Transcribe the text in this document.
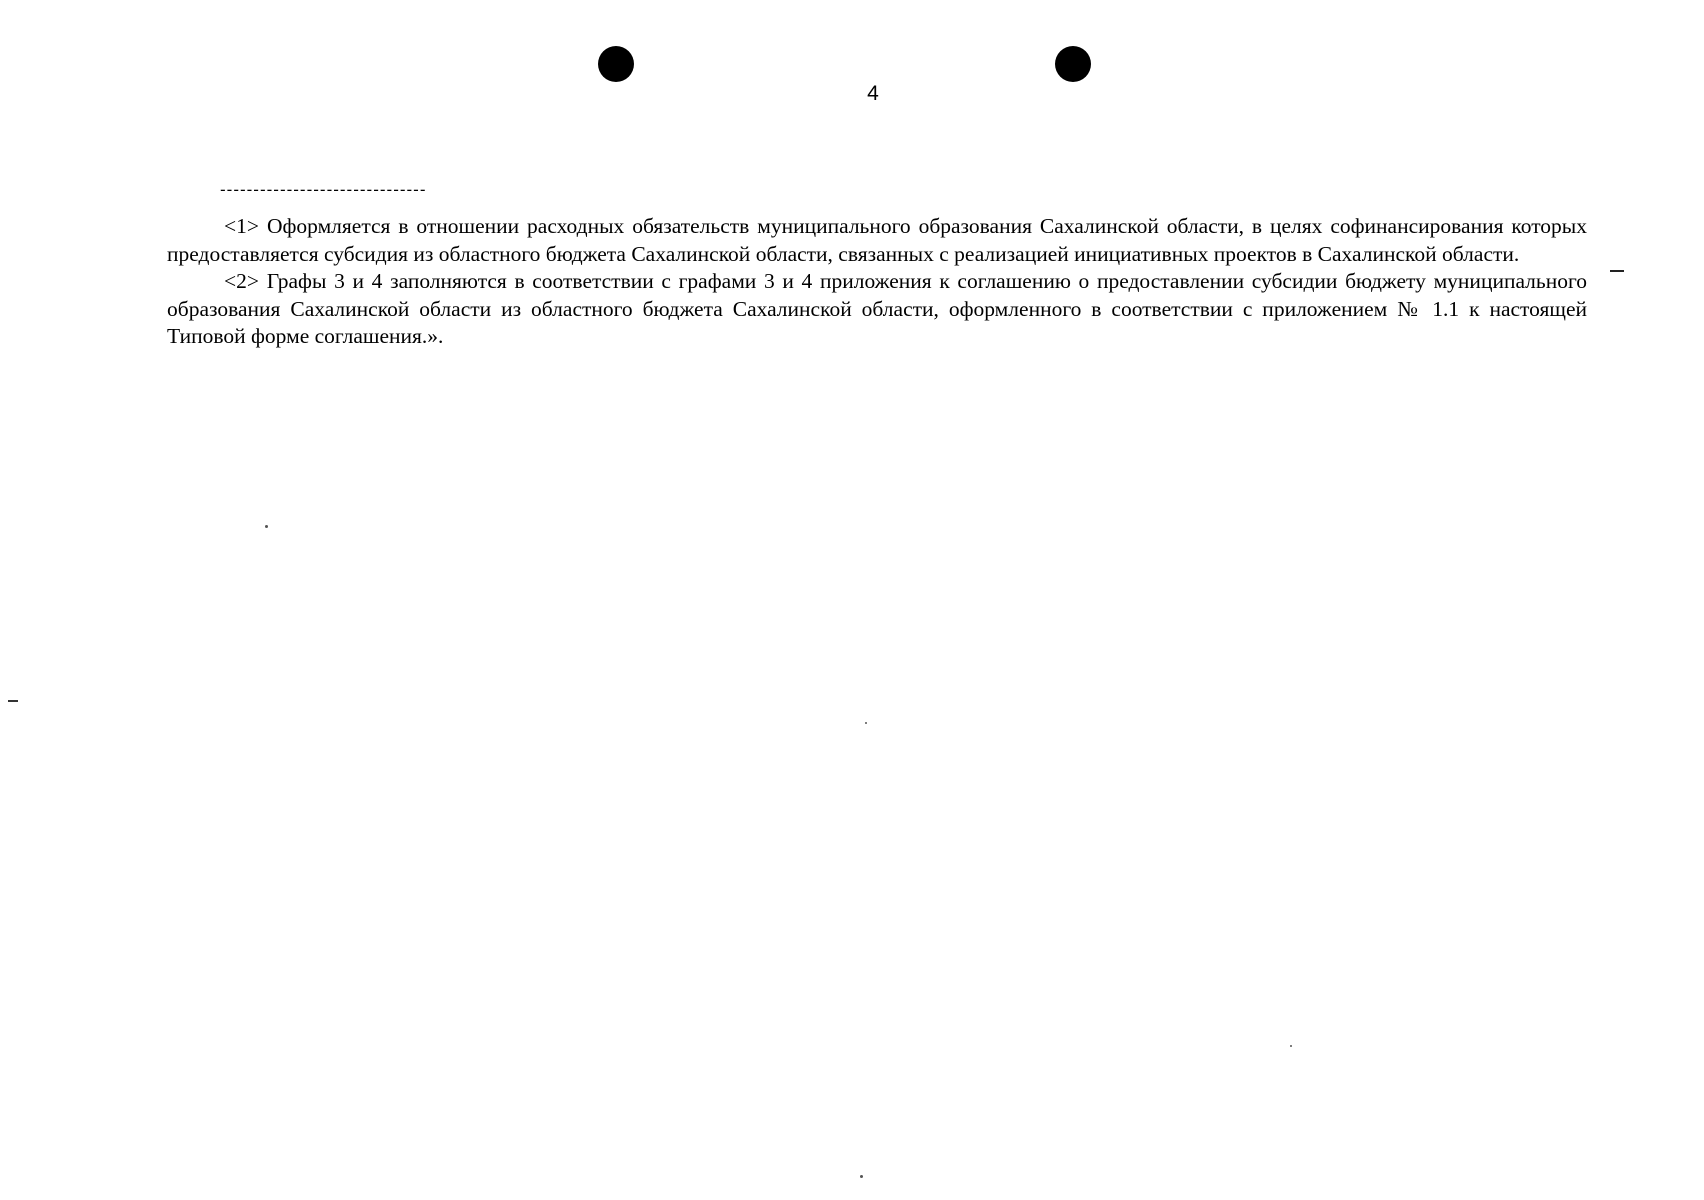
4
-------------------------------

<1> Оформляется в отношении расходных обязательств муниципального образования Сахалинской области, в целях софинансирования которых предоставляется субсидия из областного бюджета Сахалинской области, связанных с реализацией инициативных проектов в Сахалинской области.

<2> Графы 3 и 4 заполняются в соответствии с графами 3 и 4 приложения к соглашению о предоставлении субсидии бюджету муниципального образования Сахалинской области из областного бюджета Сахалинской области, оформленного в соответствии с приложением № 1.1 к настоящей Типовой форме соглашения.».
